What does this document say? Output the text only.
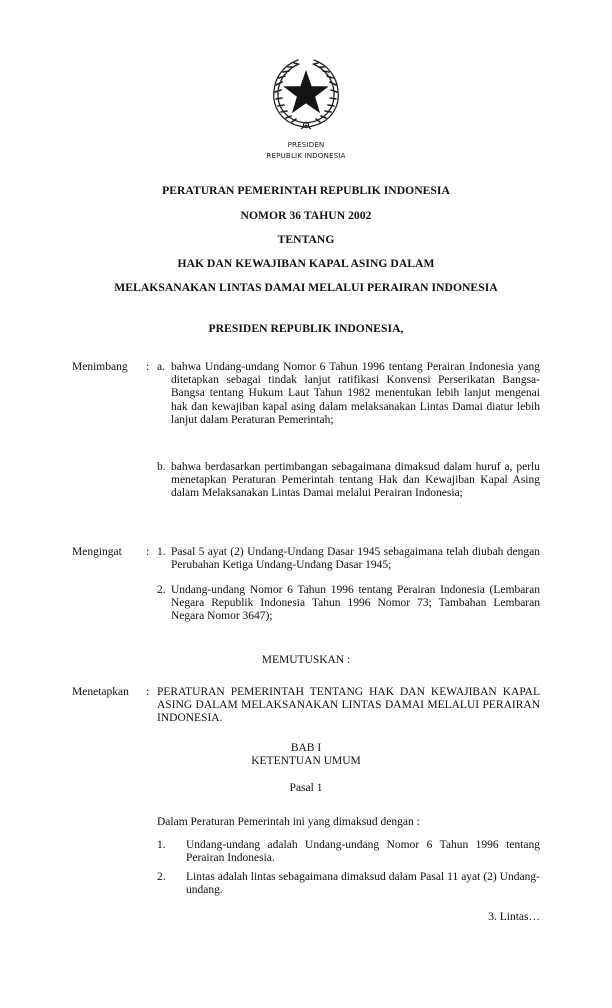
PRESIDEN
REPUBLIK INDONESIA
PERATURAN PEMERINTAH REPUBLIK INDONESIA
NOMOR 36 TAHUN 2002
TENTANG
HAK DAN KEWAJIBAN KAPAL ASING DALAM
MELAKSANAKAN LINTAS DAMAI MELALUI PERAIRAN INDONESIA
PRESIDEN REPUBLIK INDONESIA,
Menimbang : a. bahwa Undang-undang Nomor 6 Tahun 1996 tentang Perairan Indonesia yang ditetapkan sebagai tindak lanjut ratifikasi Konvensi Perserikatan Bangsa-Bangsa tentang Hukum Laut Tahun 1982 menentukan lebih lanjut mengenai hak dan kewajiban kapal asing dalam melaksanakan Lintas Damai diatur lebih lanjut dalam Peraturan Pemerintah;
b. bahwa berdasarkan pertimbangan sebagaimana dimaksud dalam huruf a, perlu menetapkan Peraturan Pemerintah tentang Hak dan Kewajiban Kapal Asing dalam Melaksanakan Lintas Damai melalui Perairan Indonesia;
Mengingat : 1. Pasal 5 ayat (2) Undang-Undang Dasar 1945 sebagaimana telah diubah dengan Perubahan Ketiga Undang-Undang Dasar 1945;
2. Undang-undang Nomor 6 Tahun 1996 tentang Perairan Indonesia (Lembaran Negara Republik Indonesia Tahun 1996 Nomor 73; Tambahan Lembaran Negara Nomor 3647);
MEMUTUSKAN :
Menetapkan : PERATURAN PEMERINTAH TENTANG HAK DAN KEWAJIBAN KAPAL ASING DALAM MELAKSANAKAN LINTAS DAMAI MELALUI PERAIRAN INDONESIA.
BAB I
KETENTUAN UMUM
Pasal 1
Dalam Peraturan Pemerintah ini yang dimaksud dengan :
1. Undang-undang adalah Undang-undang Nomor 6 Tahun 1996 tentang Perairan Indonesia.
2. Lintas adalah lintas sebagaimana dimaksud dalam Pasal 11 ayat (2) Undang-undang.
3. Lintas…
